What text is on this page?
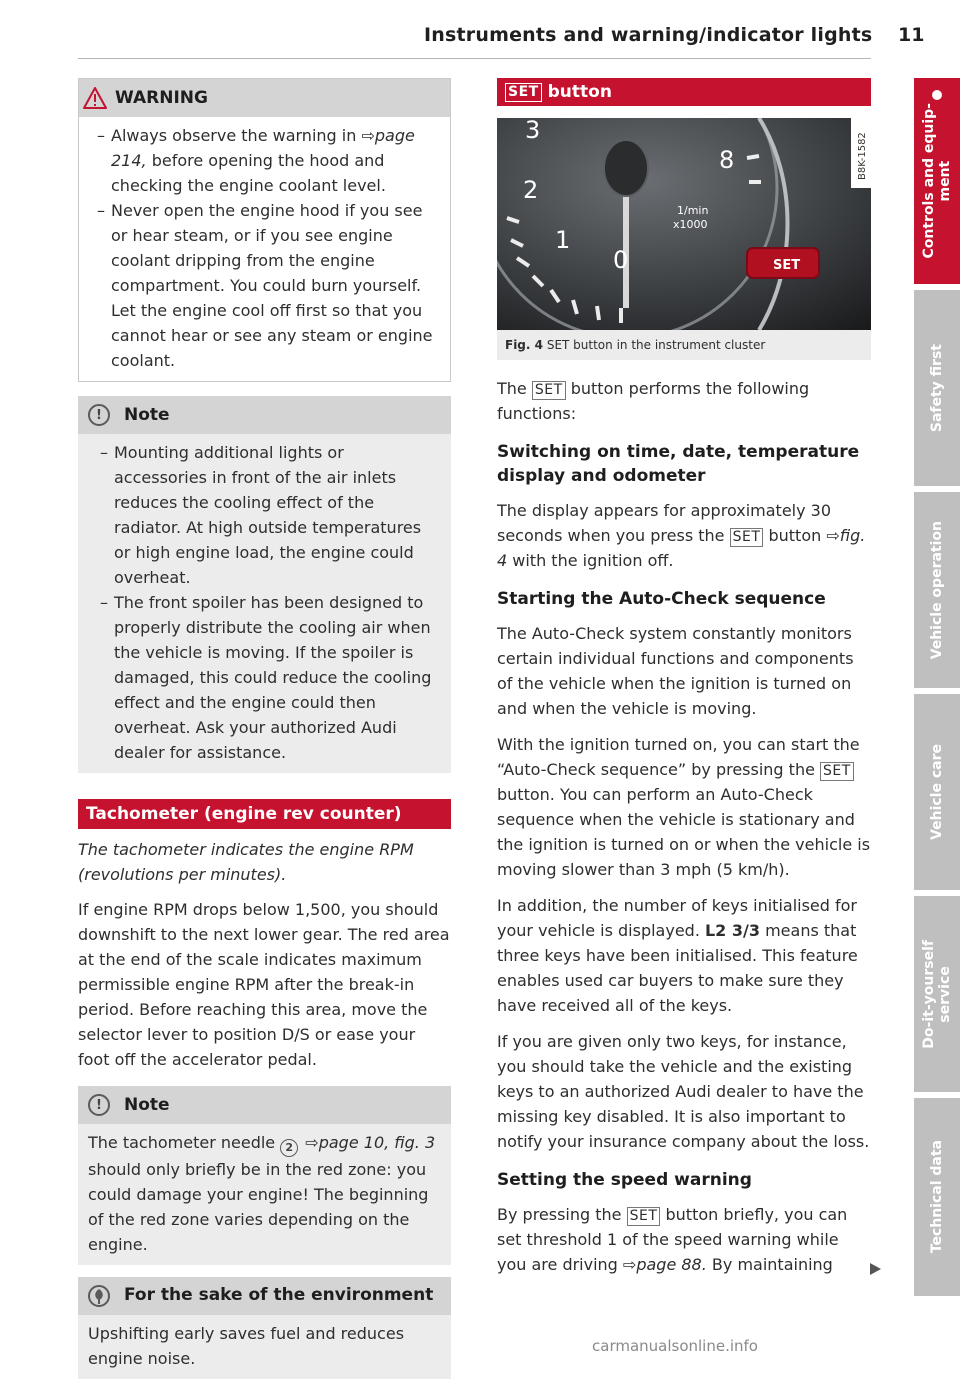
Instruments and warning/indicator lights 11
WARNING
– Always observe the warning in ⇨page 214, before opening the hood and checking the engine coolant level.
– Never open the engine hood if you see or hear steam, or if you see engine coolant dripping from the engine compartment. You could burn yourself. Let the engine cool off first so that you cannot hear or see any steam or engine coolant.
!	Note
– Mounting additional lights or accessories in front of the air inlets reduces the cooling effect of the radiator. At high outside temperatures or high engine load, the engine could overheat.
– The front spoiler has been designed to properly distribute the cooling air when the vehicle is moving. If the spoiler is damaged, this could reduce the cooling effect and the engine could then overheat. Ask your authorized Audi dealer for assistance.
Tachometer (engine rev counter)

The tachometer indicates the engine RPM (revolutions per minutes).

If engine RPM drops below 1,500, you should downshift to the next lower gear. The red area at the end of the scale indicates maximum permissible engine RPM after the break-in period. Before reaching this area, move the selector lever to position D/S or ease your foot off the accelerator pedal.

!	Note

The tachometer needle 2 ⇨page 10, fig. 3 should only briefly be in the red zone: you could damage your engine! The beginning of the red zone varies depending on the engine.

For the sake of the environment

Upshifting early saves fuel and reduces engine noise.

SET
button
3
2
1
0
8
1/min
x1000
SET
B8K-1582
Fig. 4 SET button in the instrument cluster

The SET button performs the following functions:

Switching on time, date, temperature display and odometer

The display appears for approximately 30 seconds when you press the SET button ⇨fig. 4 with the ignition off.

Starting the Auto-Check sequence

The Auto-Check system constantly monitors certain individual functions and components of the vehicle when the ignition is turned on and when the vehicle is moving.

With the ignition turned on, you can start the “Auto-Check sequence” by pressing the SET button. You can perform an Auto-Check sequence when the vehicle is stationary and the ignition is turned on or when the vehicle is moving slower than 3 mph (5 km/h).

In addition, the number of keys initialised for your vehicle is displayed. L2 3/3 means that three keys have been initialised. This feature enables used car buyers to make sure they have received all of the keys.

If you are given only two keys, for instance, you should take the vehicle and the existing keys to an authorized Audi dealer to have the missing key disabled. It is also important to notify your insurance company about the loss.

Setting the speed warning

By pressing the SET button briefly, you can set threshold 1 of the speed warning while you are driving ⇨page 88. By maintaining

Controls and equip-
ment
Safety first
Vehicle operation
Vehicle care
Do-it-yourself
service
Technical data
carmanualsonline.info
